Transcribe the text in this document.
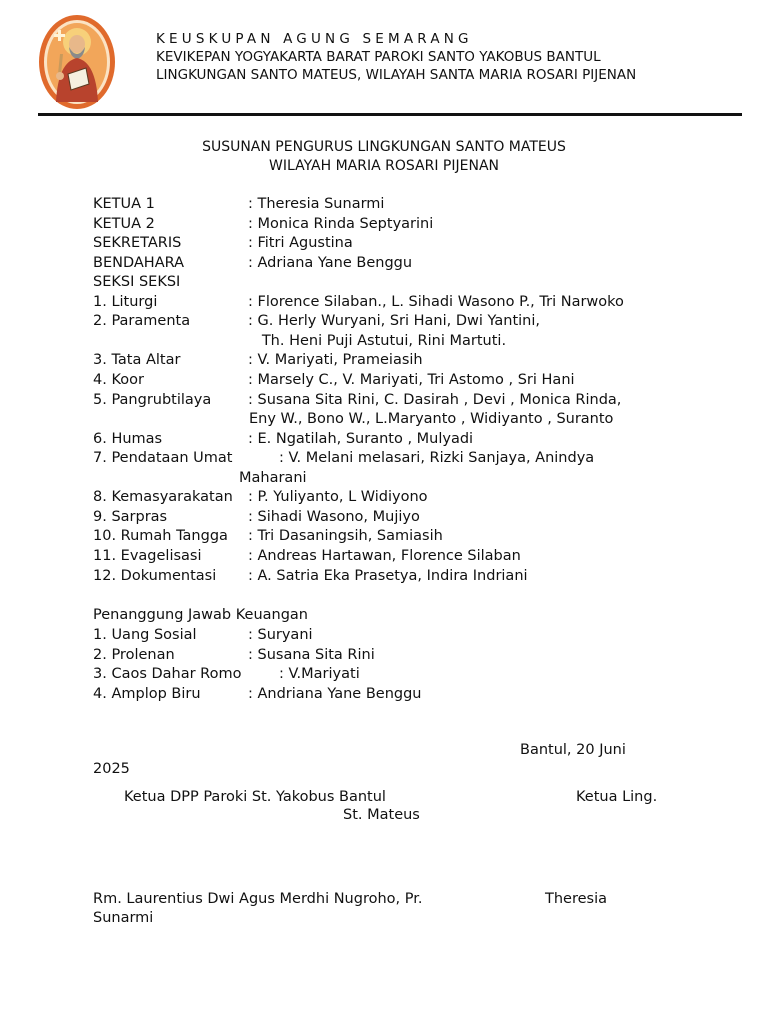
KEUSKUPAN AGUNG SEMARANG
KEVIKEPAN YOGYAKARTA BARAT PAROKI SANTO YAKOBUS BANTUL
LINGKUNGAN SANTO MATEUS, WILAYAH SANTA MARIA ROSARI PIJENAN
SUSUNAN PENGURUS LINGKUNGAN SANTO MATEUS
WILAYAH MARIA ROSARI PIJENAN
KETUA 1	: Theresia Sunarmi
KETUA 2	: Monica Rinda Septyarini
SEKRETARIS	: Fitri Agustina
BENDAHARA	: Adriana Yane Benggu
SEKSI SEKSI
1. Liturgi	: Florence Silaban., L. Sihadi Wasono P., Tri Narwoko
2. Paramenta	: G. Herly Wuryani, Sri Hani, Dwi Yantini,
Th. Heni Puji Astutui, Rini Martuti.
3. Tata Altar	: V. Mariyati, Prameiasih
4. Koor	: Marsely C., V. Mariyati, Tri Astomo , Sri Hani
5. Pangrubtilaya	: Susana Sita Rini, C. Dasirah , Devi , Monica Rinda,
Eny W., Bono W., L.Maryanto , Widiyanto , Suranto
6. Humas	: E. Ngatilah, Suranto , Mulyadi
7. Pendataan Umat	: V. Melani melasari, Rizki Sanjaya, Anindya
Maharani
8. Kemasyarakatan : P. Yuliyanto, L Widiyono
9. Sarpras	: Sihadi Wasono, Mujiyo
10. Rumah Tangga : Tri Dasaningsih, Samiasih
11. Evagelisasi	: Andreas Hartawan, Florence Silaban
12. Dokumentasi : A. Satria Eka Prasetya, Indira Indriani
Penanggung Jawab Keuangan
1. Uang Sosial	: Suryani
2. Prolenan	: Susana Sita Rini
3. Caos Dahar Romo	: V.Mariyati
4. Amplop Biru	: Andriana Yane Benggu
Bantul, 20 Juni
2025
Ketua DPP Paroki St. Yakobus Bantul	Ketua Ling.
St. Mateus
Rm. Laurentius Dwi Agus Merdhi Nugroho, Pr.	Theresia
Sunarmi
